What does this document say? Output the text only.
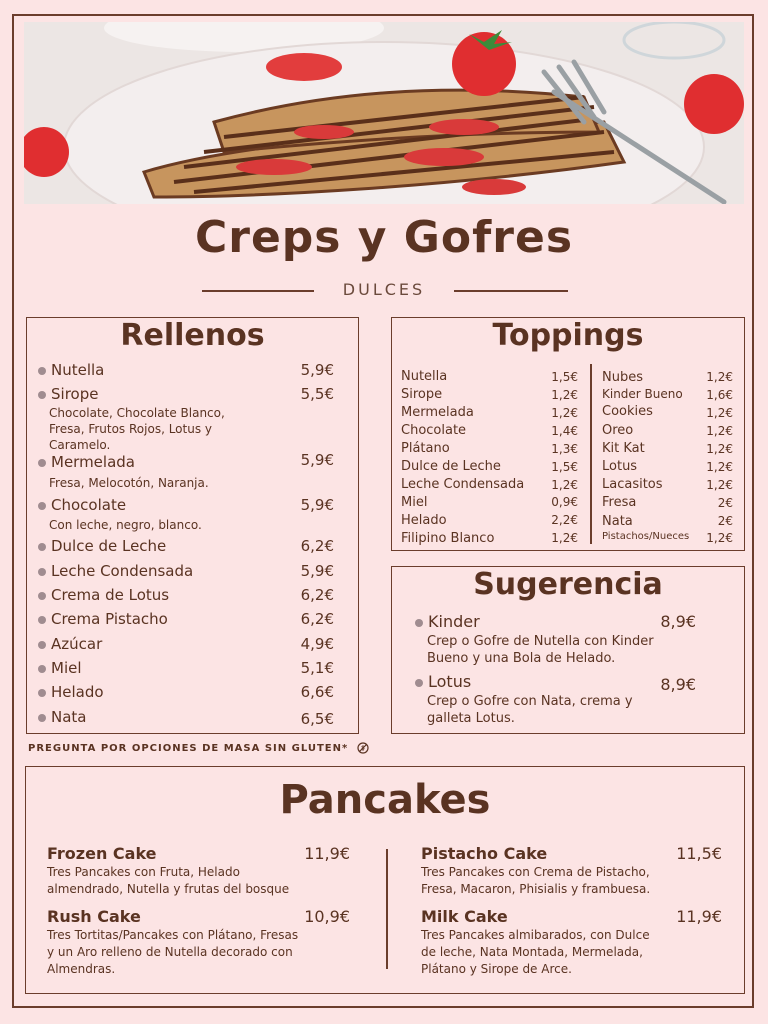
Creps y Gofres
DULCES
Rellenos
Nutella	5,9€
Sirope	5,5€
Chocolate, Chocolate Blanco,
Fresa, Frutos Rojos, Lotus y
Caramelo.
Mermelada	5,9€
Fresa, Melocotón, Naranja.
Chocolate	5,9€
Con leche, negro, blanco.
Dulce de Leche	6,2€
Leche Condensada	5,9€
Crema de Lotus	6,2€
Crema Pistacho	6,2€
Azúcar	4,9€
Miel	5,1€
Helado	6,6€
Nata	6,5€
Toppings
Nutella	1,5€
Sirope	1,2€
Mermelada	1,2€
Chocolate	1,4€
Plátano	1,3€
Dulce de Leche	1,5€
Leche Condensada	1,2€
Miel	0,9€
Helado	2,2€
Filipino Blanco	1,2€
Nubes	1,2€
Kinder Bueno	1,6€
Cookies	1,2€
Oreo	1,2€
Kit Kat	1,2€
Lotus	1,2€
Lacasitos	1,2€
Fresa	2€
Nata	2€
Pistachos/Nueces	1,2€
Sugerencia
Kinder	8,9€
Crep o Gofre de Nutella con Kinder
Bueno y una Bola de Helado.
Lotus	8,9€
Crep o Gofre con Nata, crema y
galleta Lotus.
PREGUNTA POR OPCIONES DE MASA SIN GLUTEN*
Pancakes
Frozen Cake	11,9€
Tres Pancakes con Fruta, Helado
almendrado, Nutella y frutas del bosque
Rush Cake	10,9€
Tres Tortitas/Pancakes con Plátano, Fresas
y un Aro relleno de Nutella decorado con
Almendras.
Pistacho Cake	11,5€
Tres Pancakes con Crema de Pistacho,
Fresa, Macaron, Phisialis y frambuesa.
Milk Cake	11,9€
Tres Pancakes almibarados, con Dulce
de leche, Nata Montada, Mermelada,
Plátano y Sirope de Arce.
